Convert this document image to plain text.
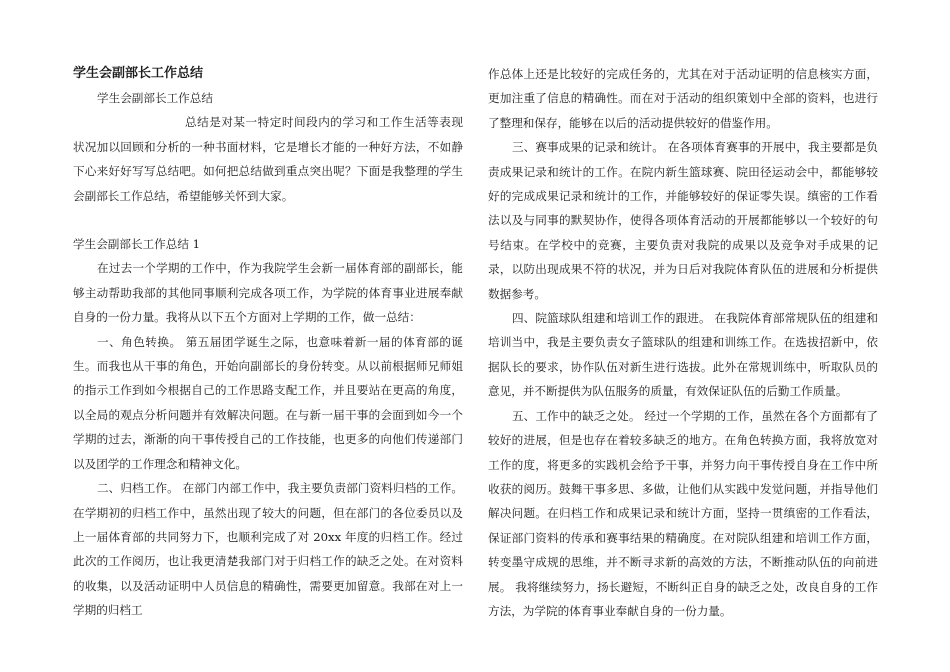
学生会副部长工作总结

学生会副部长工作总结

总结是对某一特定时间段内的学习和工作生活等表现状况加以回顾和分析的一种书面材料，它是增长才能的一种好方法，不如静下心来好好写写总结吧。如何把总结做到重点突出呢？下面是我整理的学生会副部长工作总结，希望能够关怀到大家。

学生会副部长工作总结 1

在过去一个学期的工作中，作为我院学生会新一届体育部的副部长，能够主动帮助我部的其他同事顺利完成各项工作，为学院的体育事业进展奉献自身的一份力量。我将从以下五个方面对上学期的工作，做一总结：

一、角色转换。 第五届团学诞生之际，也意味着新一届的体育部的诞生。而我也从干事的角色，开始向副部长的身份转变。从以前根据师兄师姐的指示工作到如今根据自己的工作思路支配工作，并且要站在更高的角度，以全局的观点分析问题并有效解决问题。在与新一届干事的会面到如今一个学期的过去，渐渐的向干事传授自己的工作技能，也更多的向他们传递部门以及团学的工作理念和精神文化。

二、归档工作。 在部门内部工作中，我主要负责部门资料归档的工作。在学期初的归档工作中，虽然出现了较大的问题，但在部门的各位委员以及上一届体育部的共同努力下，也顺利完成了对 20xx 年度的归档工作。经过此次的工作阅历，也让我更清楚我部门对于归档工作的缺乏之处。在对资料的收集，以及活动证明中人员信息的精确性，需要更加留意。我部在对上一学期的归档工

作总体上还是比较好的完成任务的，尤其在对于活动证明的信息核实方面，更加注重了信息的精确性。而在对于活动的组织策划中全部的资料，也进行了整理和保存，能够在以后的活动提供较好的借鉴作用。

三、赛事成果的记录和统计。 在各项体育赛事的开展中，我主要都是负责成果记录和统计的工作。在院内新生篮球赛、院田径运动会中，都能够较好的完成成果记录和统计的工作，并能够较好的保证零失误。缜密的工作看法以及与同事的默契协作，使得各项体育活动的开展都能够以一个较好的句号结束。在学校中的竞赛，主要负责对我院的成果以及竞争对手成果的记录，以防出现成果不符的状况，并为日后对我院体育队伍的进展和分析提供数据参考。

四、院篮球队组建和培训工作的跟进。 在我院体育部常规队伍的组建和培训当中，我是主要负责女子篮球队的组建和训练工作。在选拔招新中，依据队长的要求，协作队伍对新生进行选拔。此外在常规训练中，听取队员的意见，并不断提供为队伍服务的质量，有效保证队伍的后勤工作质量。

五、工作中的缺乏之处。 经过一个学期的工作，虽然在各个方面都有了较好的进展，但是也存在着较多缺乏的地方。在角色转换方面，我将放宽对工作的度，将更多的实践机会给予干事，并努力向干事传授自身在工作中所收获的阅历。鼓舞干事多思、多做，让他们从实践中发觉问题，并指导他们解决问题。在归档工作和成果记录和统计方面，坚持一贯缜密的工作看法，保证部门资料的传承和赛事结果的精确度。在对院队组建和培训工作方面，转变墨守成规的思维，并不断寻求新的高效的方法，不断推动队伍的向前进展。 我将继续努力，扬长避短，不断纠正自身的缺乏之处，改良自身的工作方法，为学院的体育事业奉献自身的一份力量。
